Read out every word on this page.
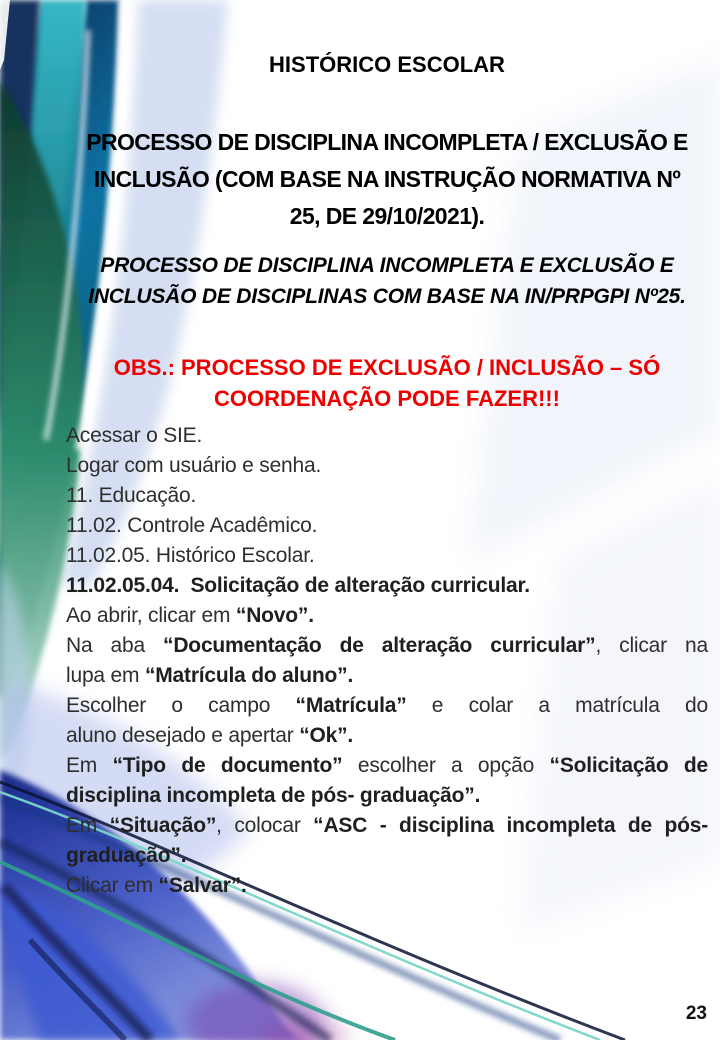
HISTÓRICO ESCOLAR
PROCESSO DE DISCIPLINA INCOMPLETA / EXCLUSÃO E
INCLUSÃO (COM BASE NA INSTRUÇÃO NORMATIVA Nº
25, DE 29/10/2021).
PROCESSO DE DISCIPLINA INCOMPLETA E EXCLUSÃO E
INCLUSÃO DE DISCIPLINAS COM BASE NA IN/PRPGPI Nº25.
OBS.: PROCESSO DE EXCLUSÃO / INCLUSÃO – SÓ
COORDENAÇÃO PODE FAZER!!!
Acessar o SIE.
Logar com usuário e senha.
11. Educação.
11.02. Controle Acadêmico.
11.02.05. Histórico Escolar.
11.02.05.04.  Solicitação de alteração curricular.
Ao abrir, clicar em “Novo”.
Na aba “Documentação de alteração curricular”, clicar na
lupa em “Matrícula do aluno”.
Escolher o campo “Matrícula” e colar a matrícula do
aluno desejado e apertar “Ok”.
Em “Tipo de documento” escolher a opção “Solicitação de
disciplina incompleta de pós- graduação”.
Em “Situação”, colocar “ASC - disciplina incompleta de pós-
graduação”.
Clicar em “Salvar”.
23
